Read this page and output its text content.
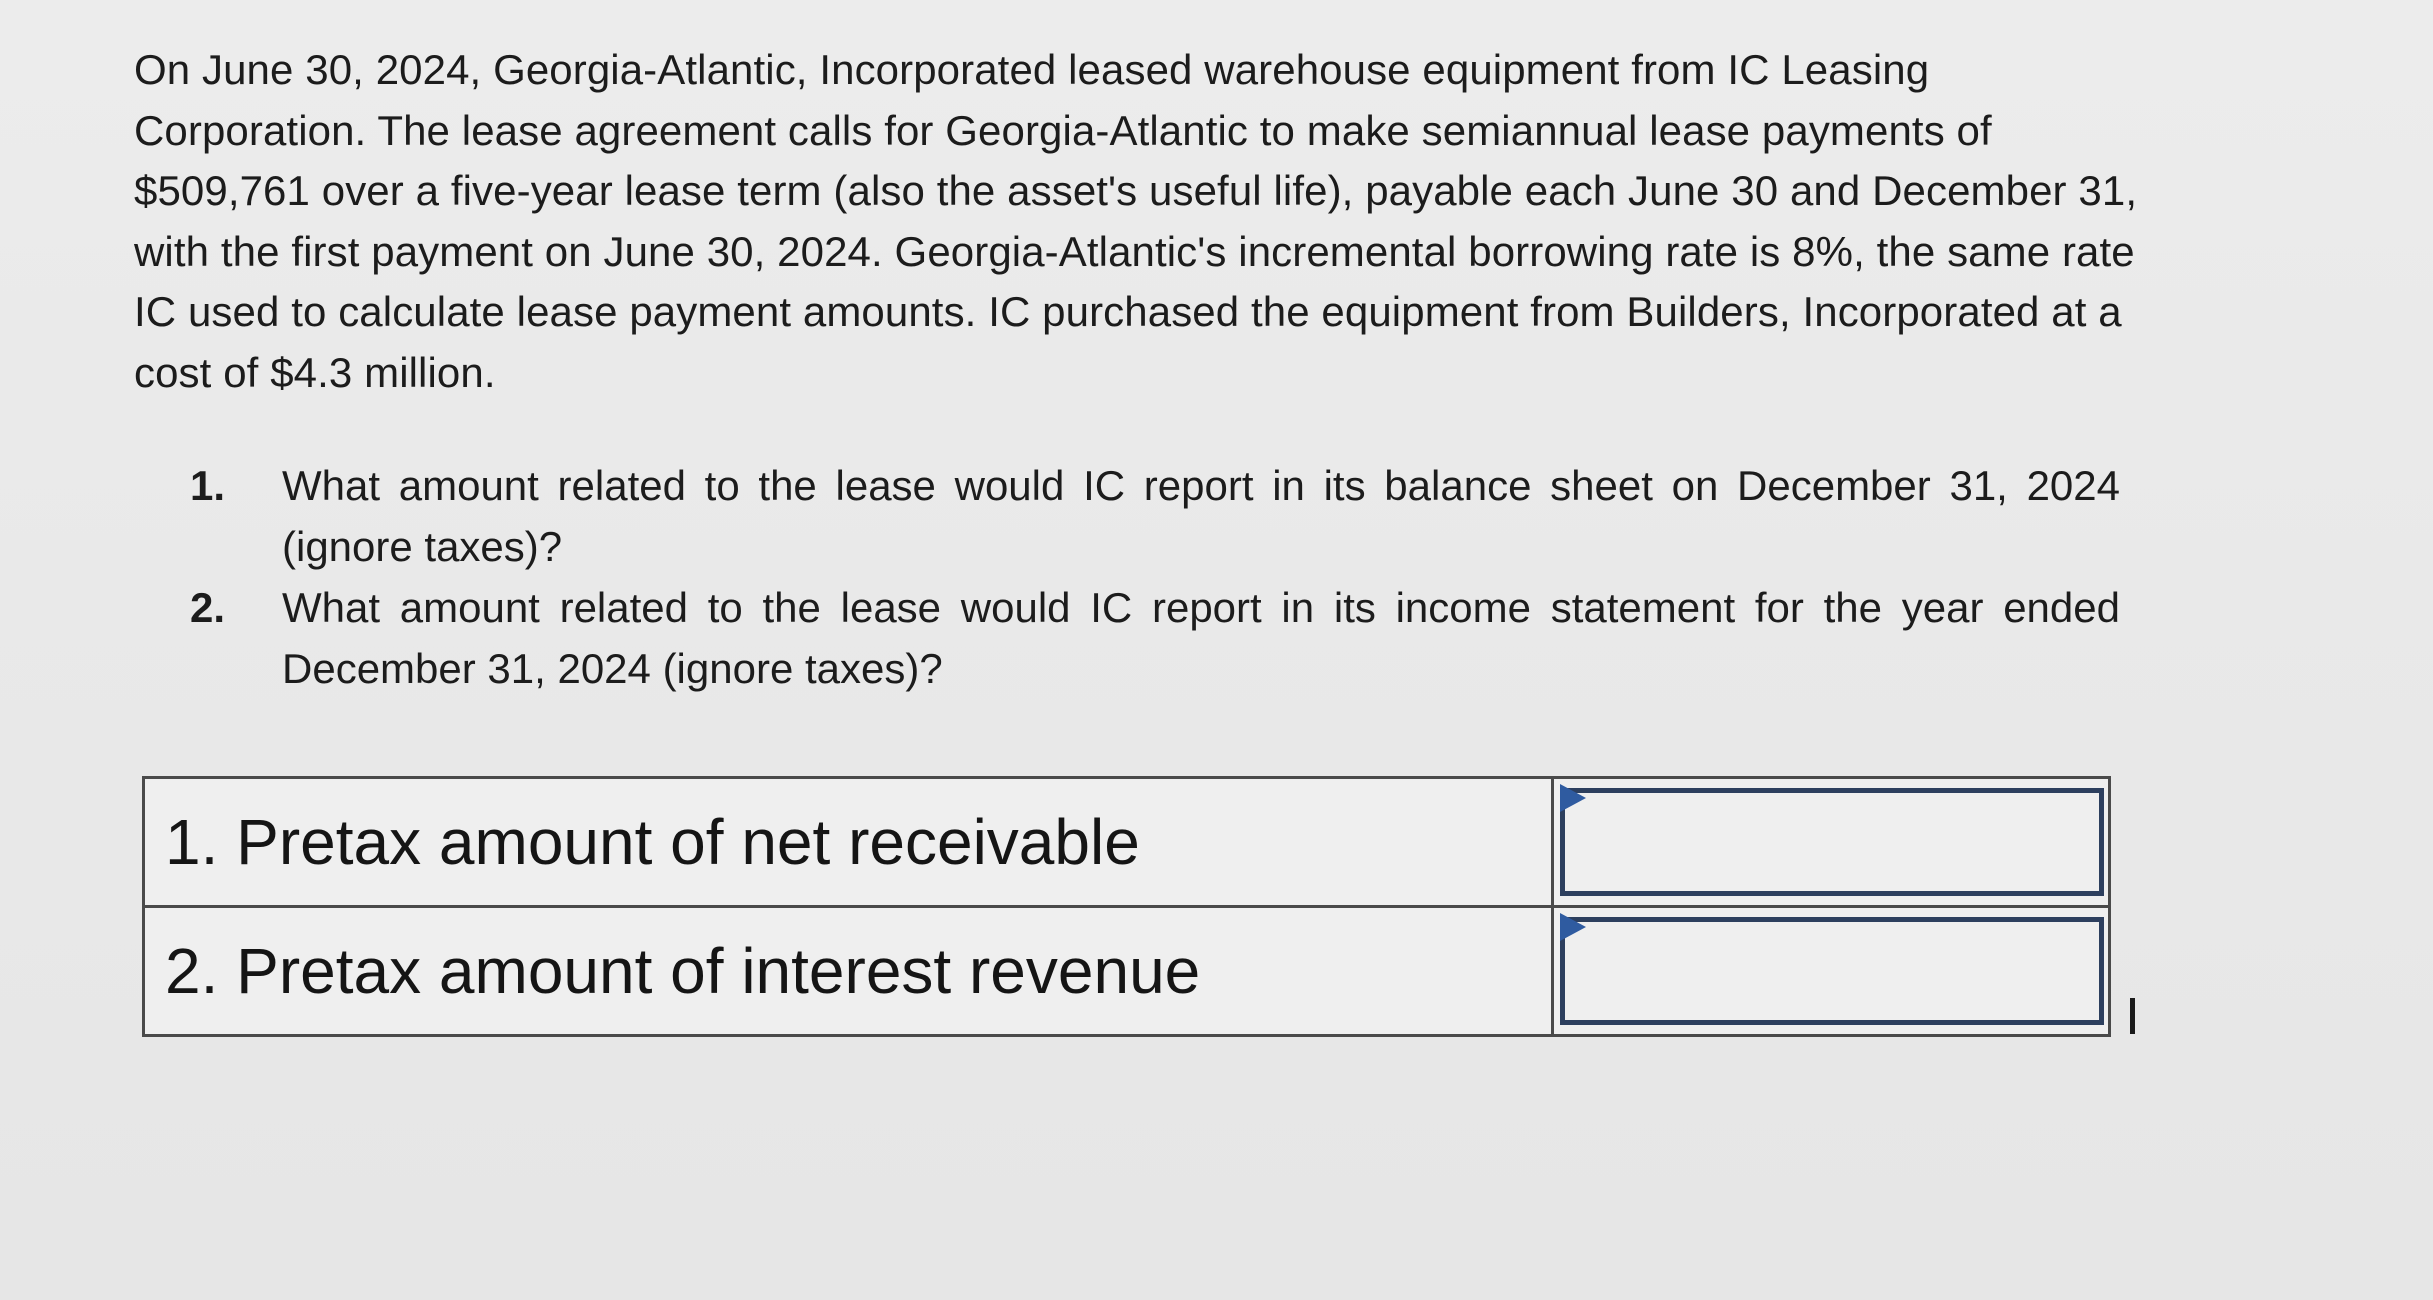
On June 30, 2024, Georgia-Atlantic, Incorporated leased warehouse equipment from IC Leasing Corporation. The lease agreement calls for Georgia-Atlantic to make semiannual lease payments of $509,761 over a five-year lease term (also the asset's useful life), payable each June 30 and December 31, with the first payment on June 30, 2024. Georgia-Atlantic's incremental borrowing rate is 8%, the same rate IC used to calculate lease payment amounts. IC purchased the equipment from Builders, Incorporated at a cost of $4.3 million.

1.	What amount related to the lease would IC report in its balance sheet on December 31, 2024 (ignore taxes)?
2.	What amount related to the lease would IC report in its income statement for the year ended December 31, 2024 (ignore taxes)?
1. Pretax amount of net receivable	

2. Pretax amount of interest revenue	
